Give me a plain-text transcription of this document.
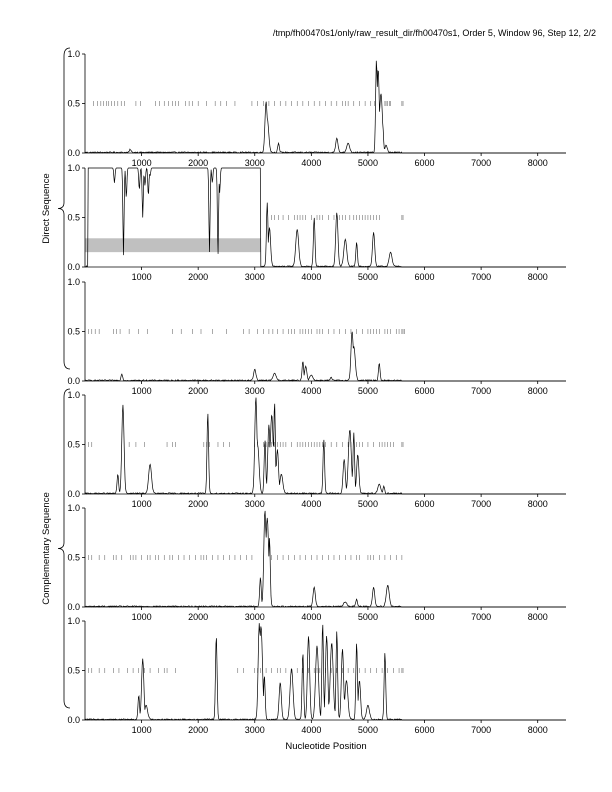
/tmp/fh00470s1/only/raw_result_dir/fh00470s1, Order 5, Window 96, Step 12, 2/2
0.0
0.5
1.0
1000	2000	3000	4000	5000	6000	7000	8000
0.0
0.5
1.0
1000	2000	3000	4000	5000	6000	7000	8000
0.0
0.5
1.0
1000	2000	3000	4000	5000	6000	7000	8000
0.0
0.5
1.0
1000	2000	3000	4000	5000	6000	7000	8000
0.0
0.5
1.0
1000	2000	3000	4000	5000	6000	7000	8000
0.0
0.5
1.0
1000	2000	3000	4000	5000	6000	7000	8000
Direct Sequence
Complementary Sequence
Nucleotide Position
